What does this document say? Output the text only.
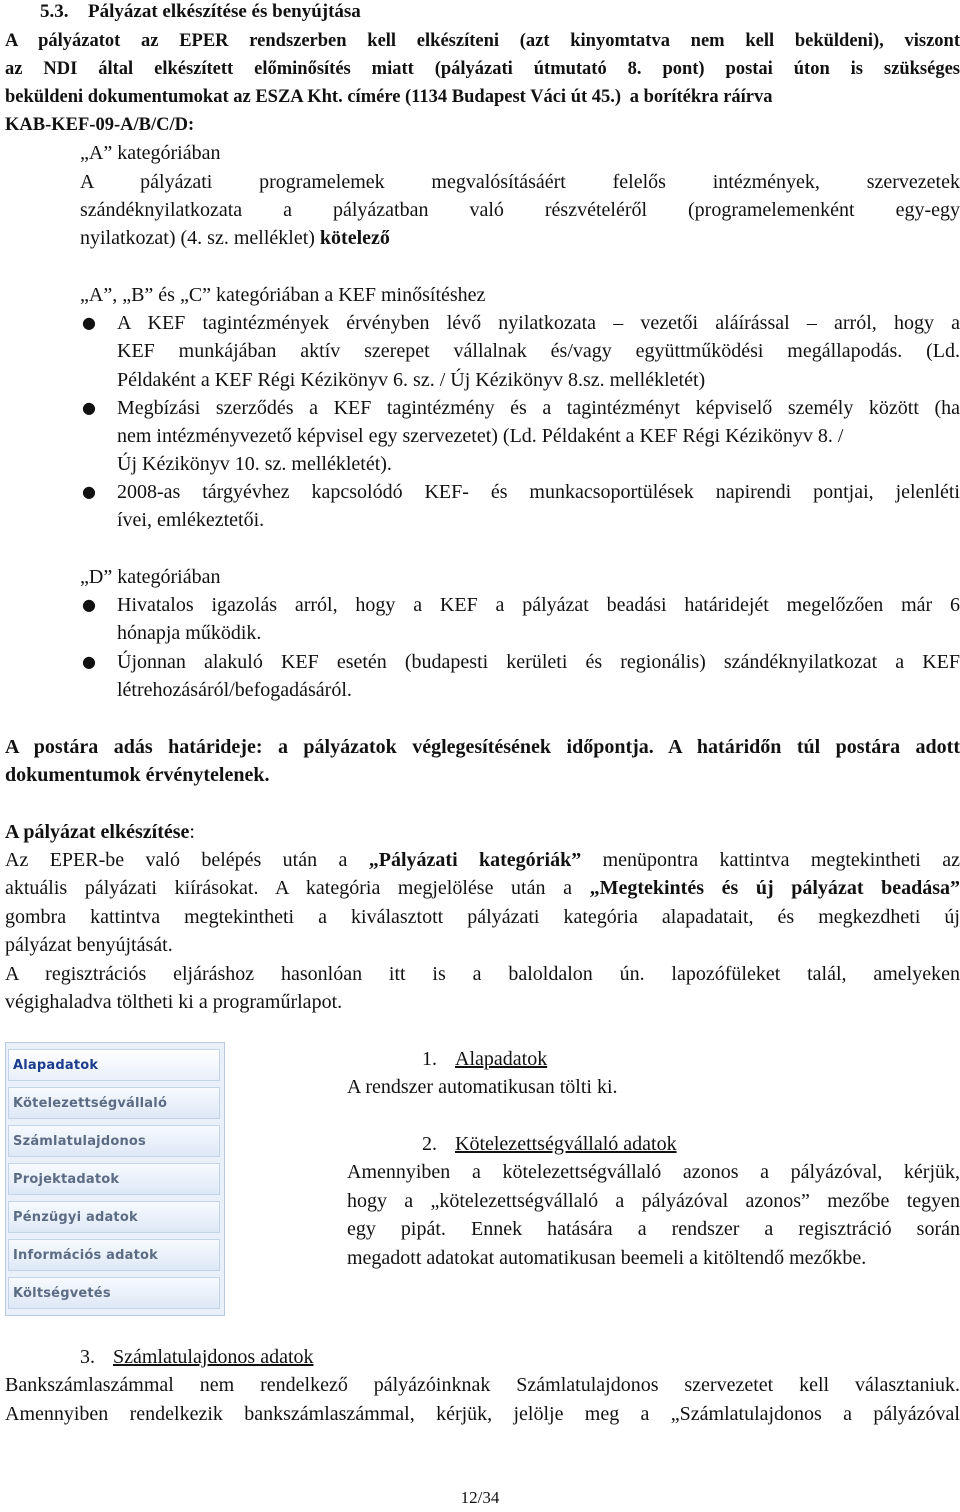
5.3. Pályázat elkészítése és benyújtása
A pályázatot az EPER rendszerben kell elkészíteni (azt kinyomtatva nem kell beküldeni), viszont
az NDI által elkészített előminősítés miatt (pályázati útmutató 8. pont) postai úton is szükséges
beküldeni dokumentumokat az ESZA Kht. címére (1134 Budapest Váci út 45.) a borítékra ráírva
KAB-KEF-09-A/B/C/D:
„A” kategóriában
A pályázati programelemek megvalósításáért felelős intézmények, szervezetek
szándéknyilatkozata a pályázatban való részvételéről (programelemenként egy-egy
nyilatkozat) (4. sz. melléklet) kötelező
„A”, „B” és „C” kategóriában a KEF minősítéshez
● A KEF tagintézmények érvényben lévő nyilatkozata – vezetői aláírással – arról, hogy a
KEF munkájában aktív szerepet vállalnak és/vagy együttműködési megállapodás. (Ld.
Példaként a KEF Régi Kézikönyv 6. sz. / Új Kézikönyv 8.sz. mellékletét)
● Megbízási szerződés a KEF tagintézmény és a tagintézményt képviselő személy között (ha
nem intézményvezető képvisel egy szervezetet) (Ld. Példaként a KEF Régi Kézikönyv 8. /
Új Kézikönyv 10. sz. mellékletét).
● 2008-as tárgyévhez kapcsolódó KEF- és munkacsoportülések napirendi pontjai, jelenléti
ívei, emlékeztetői.
„D” kategóriában
● Hivatalos igazolás arról, hogy a KEF a pályázat beadási határidejét megelőzően már 6
hónapja működik.
● Újonnan alakuló KEF esetén (budapesti kerületi és regionális) szándéknyilatkozat a KEF
létrehozásáról/befogadásáról.
A postára adás határideje: a pályázatok véglegesítésének időpontja. A határidőn túl postára adott
dokumentumok érvénytelenek.
A pályázat elkészítése:
Az EPER-be való belépés után a „Pályázati kategóriák” menüpontra kattintva megtekintheti az
aktuális pályázati kiírásokat. A kategória megjelölése után a „Megtekintés és új pályázat beadása”
gombra kattintva megtekintheti a kiválasztott pályázati kategória alapadatait, és megkezdheti új
pályázat benyújtását.
A regisztrációs eljáráshoz hasonlóan itt is a baloldalon ún. lapozófüleket talál, amelyeken
végighaladva töltheti ki a programűrlapot.
Alapadatok
Kötelezettségvállaló
Számlatulajdonos
Projektadatok
Pénzügyi adatok
Információs adatok
Költségvetés
1. Alapadatok
A rendszer automatikusan tölti ki.
2. Kötelezettségvállaló adatok
Amennyiben a kötelezettségvállaló azonos a pályázóval, kérjük,
hogy a „kötelezettségvállaló a pályázóval azonos” mezőbe tegyen
egy pipát. Ennek hatására a rendszer a regisztráció során
megadott adatokat automatikusan beemeli a kitöltendő mezőkbe.
3. Számlatulajdonos adatok
Bankszámlaszámmal nem rendelkező pályázóinknak Számlatulajdonos szervezetet kell választaniuk.
Amennyiben rendelkezik bankszámlaszámmal, kérjük, jelölje meg a „Számlatulajdonos a pályázóval
12/34
